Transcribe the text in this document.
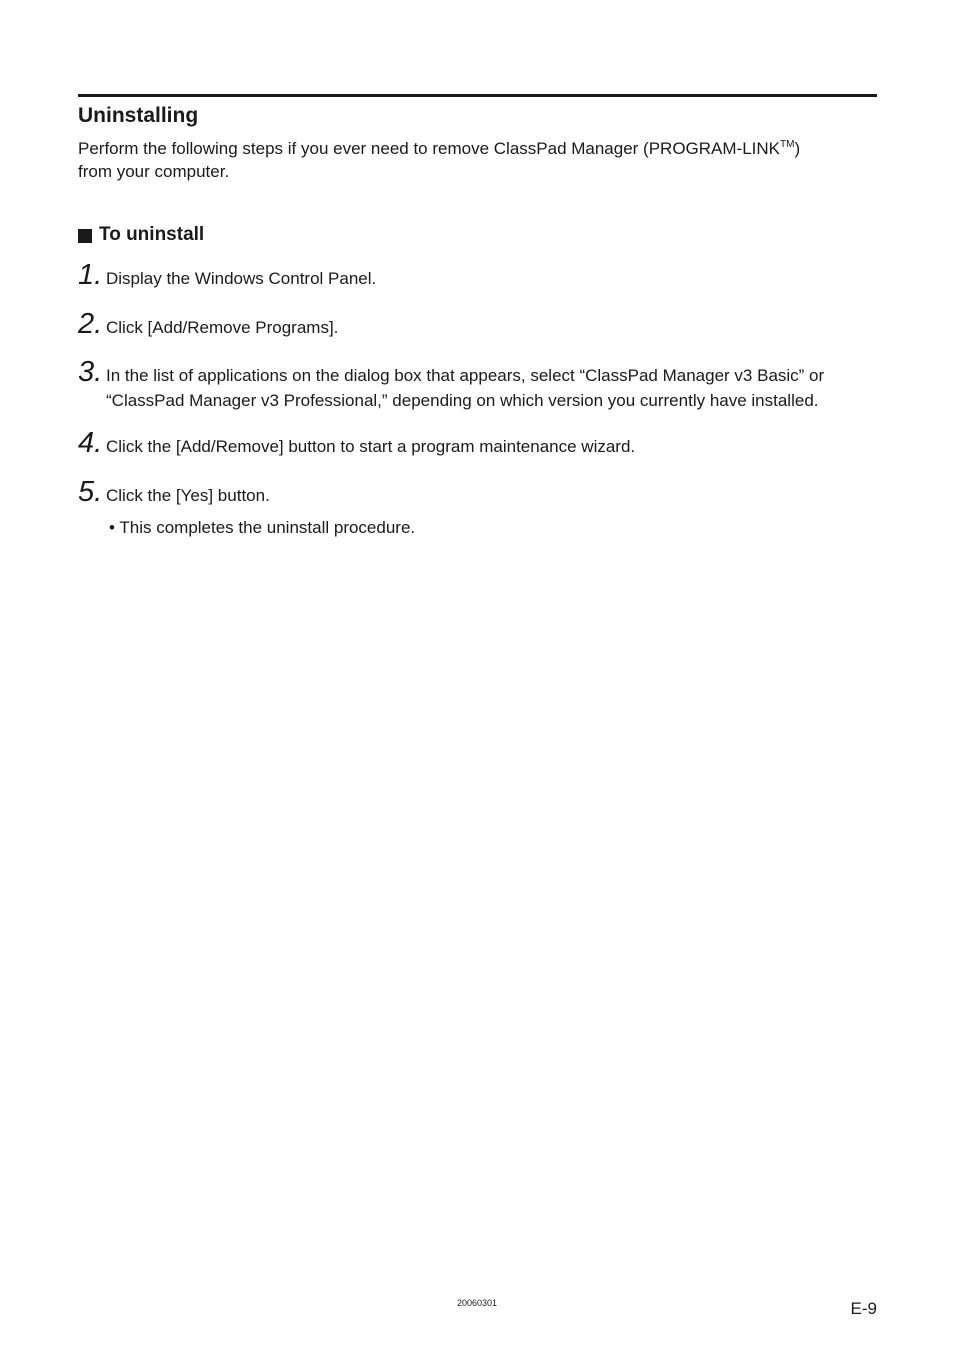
Uninstalling

Perform the following steps if you ever need to remove ClassPad Manager (PROGRAM-LINK™)
from your computer.

To uninstall
1. Display the Windows Control Panel.

2. Click [Add/Remove Programs].

3. In the list of applications on the dialog box that appears, select “ClassPad Manager v3 Basic” or “ClassPad Manager v3 Professional,” depending on which version you currently have installed.

4. Click the [Add/Remove] button to start a program maintenance wizard.

5. Click the [Yes] button.

• This completes the uninstall procedure.

20060301	E-9
